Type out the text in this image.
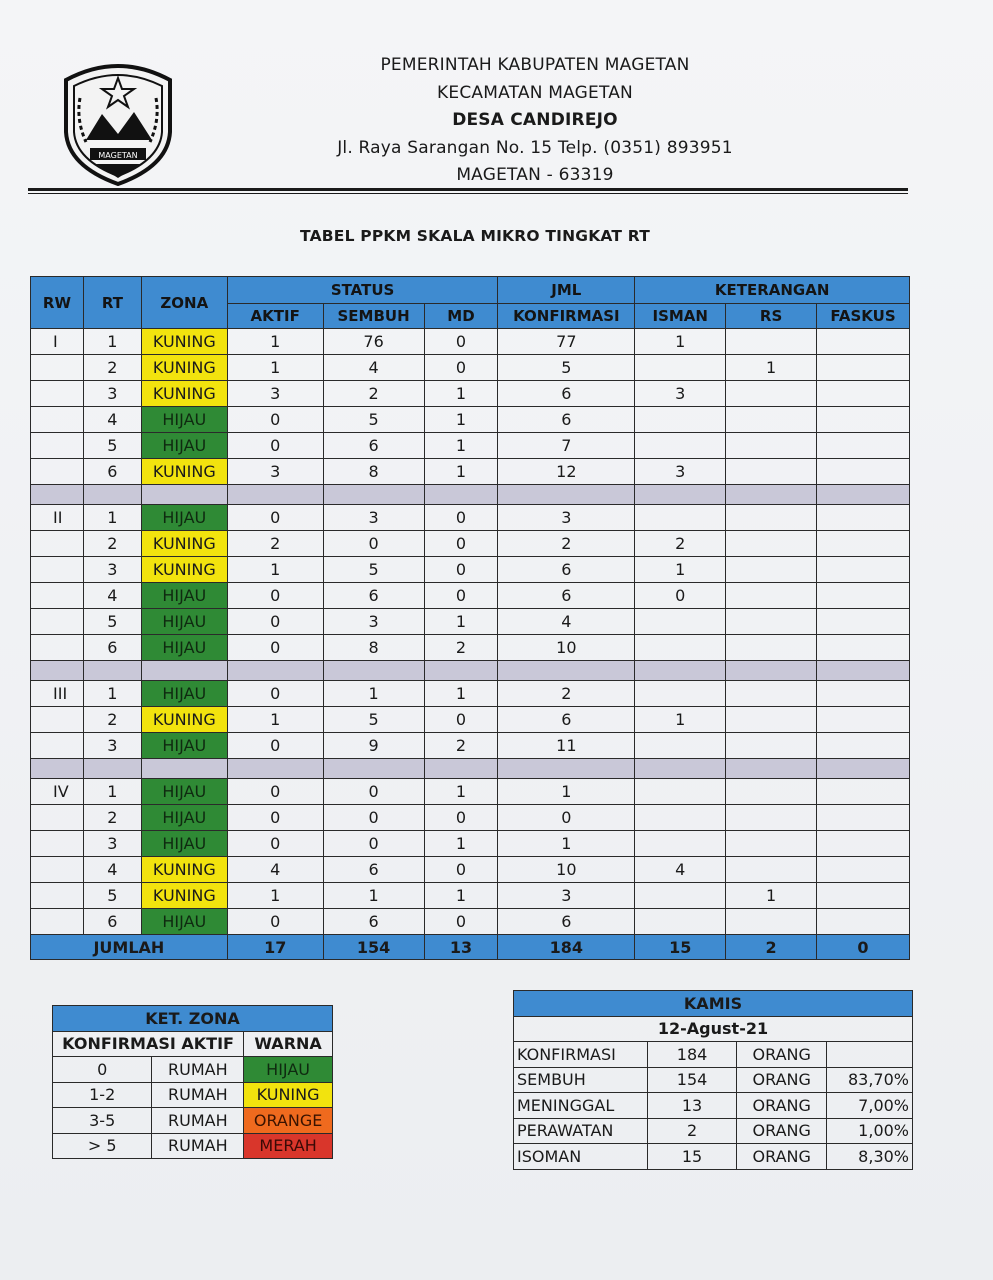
MAGETAN
PEMERINTAH KABUPATEN MAGETAN
KECAMATAN MAGETAN
DESA CANDIREJO
Jl. Raya Sarangan No. 15 Telp. (0351) 893951
MAGETAN - 63319
TABEL PPKM SKALA MIKRO TINGKAT RT
RW	RT	ZONA	STATUS			JML	KETERANGAN		
			AKTIF	SEMBUH	MD	KONFIRMASI	ISMAN	RS	FASKUS
I	1	KUNING	1	76	0	77	1		
	2	KUNING	1	4	0	5		1	
	3	KUNING	3	2	1	6	3		
	4	HIJAU	0	5	1	6			
	5	HIJAU	0	6	1	7			
	6	KUNING	3	8	1	12	3		

II	1	HIJAU	0	3	0	3			
	2	KUNING	2	0	0	2	2		
	3	KUNING	1	5	0	6	1		
	4	HIJAU	0	6	0	6	0		
	5	HIJAU	0	3	1	4			
	6	HIJAU	0	8	2	10			

III	1	HIJAU	0	1	1	2			
	2	KUNING	1	5	0	6	1		
	3	HIJAU	0	9	2	11			

IV	1	HIJAU	0	0	1	1			
	2	HIJAU	0	0	0	0			
	3	HIJAU	0	0	1	1			
	4	KUNING	4	6	0	10	4		
	5	KUNING	1	1	1	3		1	
	6	HIJAU	0	6	0	6			
JUMLAH			17	154	13	184	15	2	0
KET. ZONA		
KONFIRMASI AKTIF		WARNA
0	RUMAH	HIJAU
1-2	RUMAH	KUNING
3-5	RUMAH	ORANGE
> 5	RUMAH	MERAH
KAMIS			
12-Agust-21			
KONFIRMASI	184	ORANG	
SEMBUH	154	ORANG	83,70%
MENINGGAL	13	ORANG	7,00%
PERAWATAN	2	ORANG	1,00%
ISOMAN	15	ORANG	8,30%
